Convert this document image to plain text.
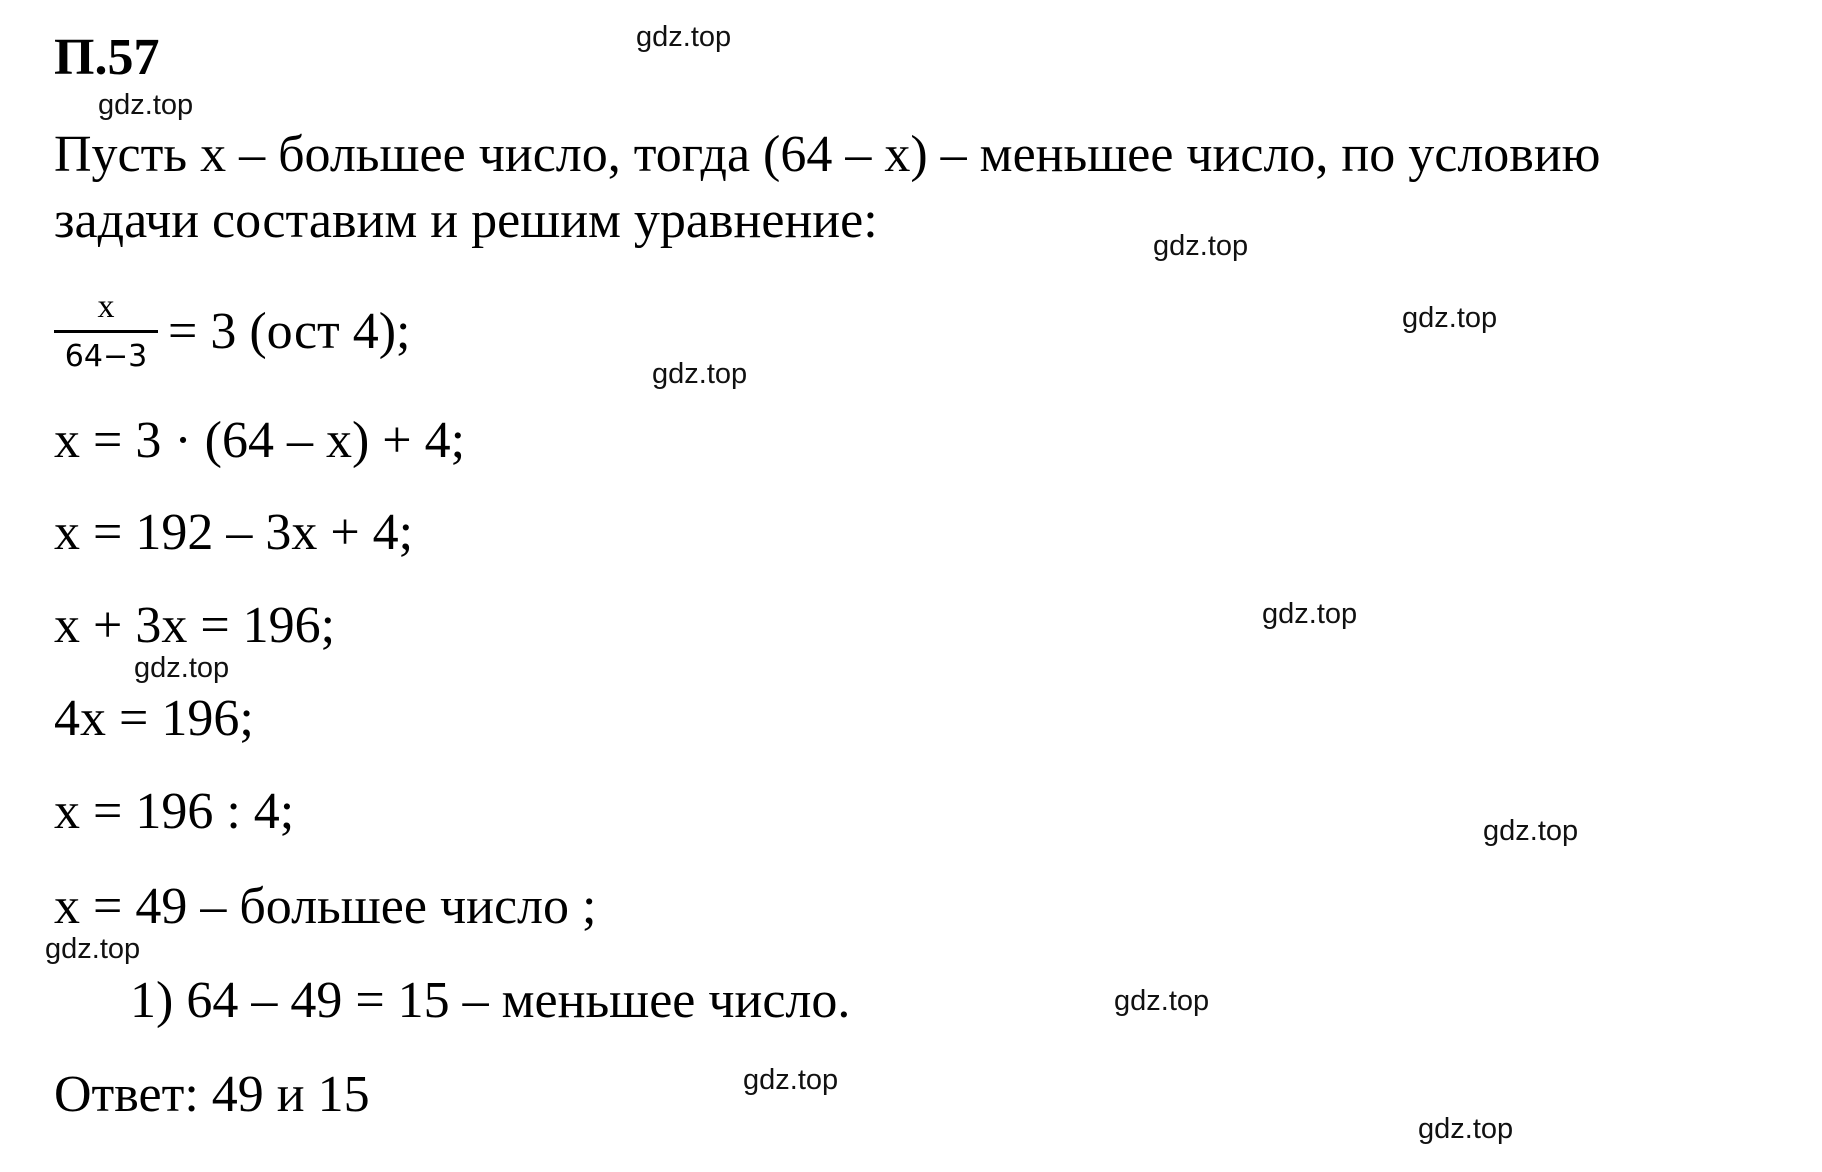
П.57
Пусть х – большее число, тогда (64 – х) – меньшее число, по условию
задачи составим и решим уравнение:
$\frac{х}{64-3} = 3$ (ост 4);
х = 3 · (64 – х) + 4;
х = 192 – 3х + 4;
х + 3х = 196;
4х = 196;
х = 196 : 4;
х = 49 – большее число ;
1) 64 – 49 = 15 – меньшее число.
Ответ: 49 и 15
gdz.top
gdz.top
gdz.top
gdz.top
gdz.top
gdz.top
gdz.top
gdz.top
gdz.top
gdz.top
gdz.top
gdz.top
